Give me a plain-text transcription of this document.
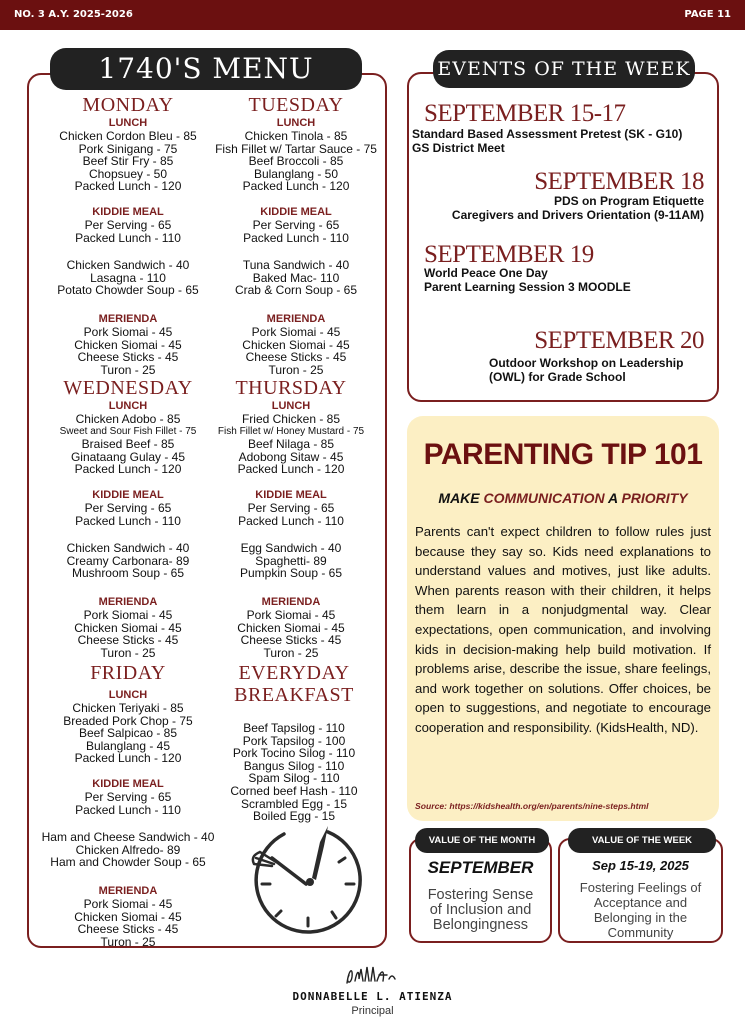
NO. 3 A.Y. 2025-2026	PAGE 11
1740'S MENU
MONDAY
LUNCH
Chicken Cordon Bleu - 85
Pork Sinigang - 75
Beef Stir Fry - 85
Chopsuey - 50
Packed Lunch - 120
KIDDIE MEAL
Per Serving - 65
Packed Lunch - 110
Chicken Sandwich - 40
Lasagna - 110
Potato Chowder Soup - 65
MERIENDA
Pork Siomai - 45
Chicken Siomai - 45
Cheese Sticks - 45
Turon - 25
TUESDAY
LUNCH
Chicken Tinola - 85
Fish Fillet w/ Tartar Sauce - 75
Beef Broccoli - 85
Bulanglang - 50
Packed Lunch - 120
KIDDIE MEAL
Per Serving - 65
Packed Lunch - 110
Tuna Sandwich - 40
Baked Mac- 110
Crab & Corn Soup - 65
MERIENDA
Pork Siomai - 45
Chicken Siomai - 45
Cheese Sticks - 45
Turon - 25
WEDNESDAY
LUNCH
Chicken Adobo - 85
Sweet and Sour Fish Fillet - 75
Braised Beef - 85
Ginataang Gulay - 45
Packed Lunch - 120
KIDDIE MEAL
Per Serving - 65
Packed Lunch - 110
Chicken Sandwich - 40
Creamy Carbonara- 89
Mushroom Soup - 65
MERIENDA
Pork Siomai - 45
Chicken Siomai - 45
Cheese Sticks - 45
Turon - 25
THURSDAY
LUNCH
Fried Chicken - 85
Fish Fillet w/ Honey Mustard - 75
Beef Nilaga - 85
Adobong Sitaw - 45
Packed Lunch - 120
KIDDIE MEAL
Per Serving - 65
Packed Lunch - 110
Egg Sandwich - 40
Spaghetti- 89
Pumpkin Soup - 65
MERIENDA
Pork Siomai - 45
Chicken Siomai - 45
Cheese Sticks - 45
Turon - 25
FRIDAY
LUNCH
Chicken Teriyaki - 85
Breaded Pork Chop - 75
Beef Salpicao - 85
Bulanglang - 45
Packed Lunch - 120
KIDDIE MEAL
Per Serving - 65
Packed Lunch - 110
Ham and Cheese Sandwich - 40
Chicken Alfredo- 89
Ham and Chowder Soup - 65
MERIENDA
Pork Siomai - 45
Chicken Siomai - 45
Cheese Sticks - 45
Turon - 25
EVERYDAY
BREAKFAST
Beef Tapsilog - 110
Pork Tapsilog - 100
Pork Tocino Silog - 110
Bangus Silog - 110
Spam Silog - 110
Corned beef Hash - 110
Scrambled Egg - 15
Boiled Egg - 15
EVENTS OF THE WEEK
SEPTEMBER 15-17
Standard Based Assessment Pretest (SK - G10)
GS District Meet
SEPTEMBER 18
PDS on Program Etiquette
Caregivers and Drivers Orientation (9-11AM)
SEPTEMBER 19
World Peace One Day
Parent Learning Session 3 MOODLE
SEPTEMBER 20
Outdoor Workshop on Leadership
(OWL) for Grade School
PARENTING TIP 101
MAKE COMMUNICATION A PRIORITY
Parents can't expect children to follow rules just because they say so. Kids need explanations to understand values and motives, just like adults. When parents reason with their children, it helps them learn in a nonjudgmental way. Clear expectations, open communication, and involving kids in decision-making help build motivation. If problems arise, describe the issue, share feelings, and work together on solutions. Offer choices, be open to suggestions, and negotiate to encourage cooperation and responsibility. (KidsHealth, ND).
Source: https://kidshealth.org/en/parents/nine-steps.html
SEPTEMBER
Fostering Sense
of Inclusion and
Belongingness
VALUE OF THE MONTH
Sep 15-19, 2025
Fostering Feelings of
Acceptance and
Belonging in the
Community
VALUE OF THE WEEK
DONNABELLE L. ATIENZA
Principal
